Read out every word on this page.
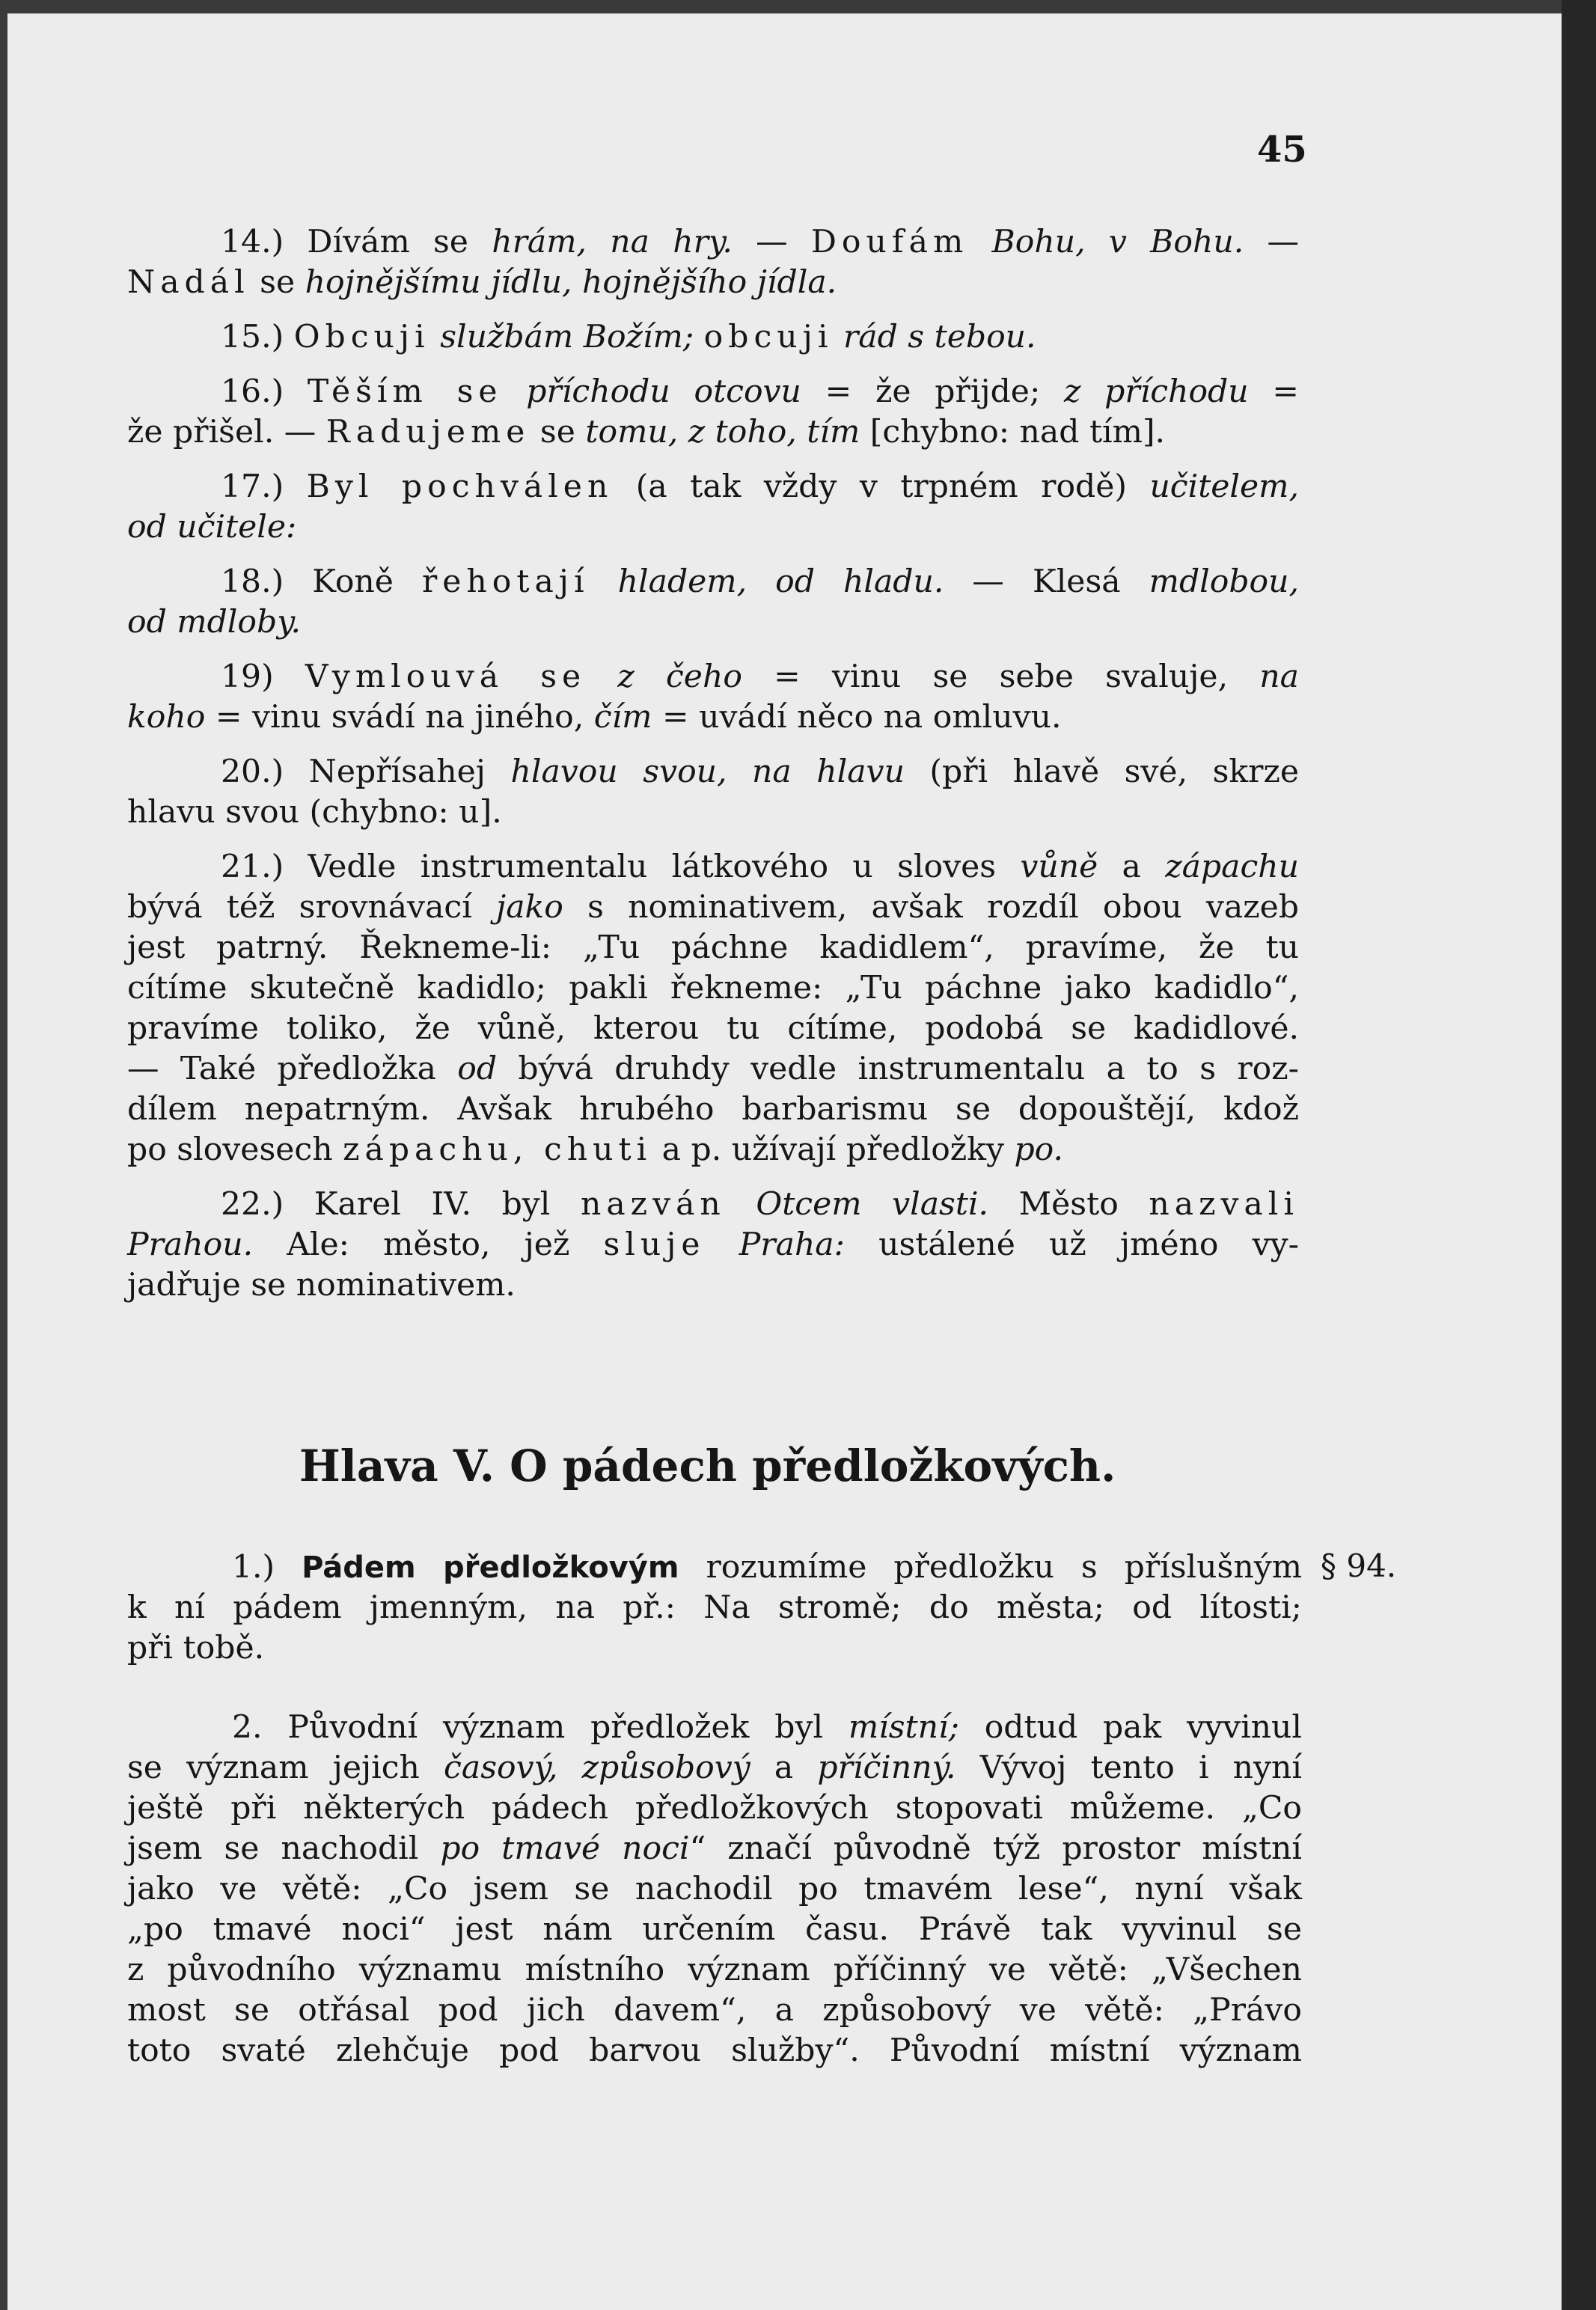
45
14.) Dívám se hrám, na hry. — Doufám Bohu, v Bohu. —
Nadál se hojnějšímu jídlu, hojnějšího jídla.
15.) Obcuji službám Božím; obcuji rád s tebou.
16.) Těším se příchodu otcovu = že přijde; z příchodu =
že přišel. — Radujeme se tomu, z toho, tím [chybno: nad tím].
17.) Byl pochválen (a tak vždy v trpném rodě) učitelem,
od učitele:
18.) Koně řehotají hladem, od hladu. — Klesá mdlobou,
od mdloby.
19) Vymlouvá se z čeho = vinu se sebe svaluje, na
koho = vinu svádí na jiného, čím = uvádí něco na omluvu.
20.) Nepřísahej hlavou svou, na hlavu (při hlavě své, skrze
hlavu svou (chybno: u].
21.) Vedle instrumentalu látkového u sloves vůně a zápachu
bývá též srovnávací jako s nominativem, avšak rozdíl obou vazeb
jest patrný. Řekneme-li: „Tu páchne kadidlem“, pravíme, že tu
cítíme skutečně kadidlo; pakli řekneme: „Tu páchne jako kadidlo“,
pravíme toliko, že vůně, kterou tu cítíme, podobá se kadidlové.
— Také předložka od bývá druhdy vedle instrumentalu a to s roz-
dílem nepatrným. Avšak hrubého barbarismu se dopouštějí, kdož
po slovesech zápachu, chuti a p. užívají předložky po.
22.) Karel IV. byl nazván Otcem vlasti. Město nazvali
Prahou. Ale: město, jež sluje Praha: ustálené už jméno vy-
jadřuje se nominativem.
Hlava V. O pádech předložkových.
§ 94.
1.) Pádem předložkovým rozumíme předložku s příslušným
k ní pádem jmenným, na př.: Na stromě; do města; od lítosti;
při tobě.
2. Původní význam předložek byl místní; odtud pak vyvinul
se význam jejich časový, způsobový a příčinný. Vývoj tento i nyní
ještě při některých pádech předložkových stopovati můžeme. „Co
jsem se nachodil po tmavé noci“ značí původně týž prostor místní
jako ve větě: „Co jsem se nachodil po tmavém lese“, nyní však
„po tmavé noci“ jest nám určením času. Právě tak vyvinul se
z původního významu místního význam příčinný ve větě: „Všechen
most se otřásal pod jich davem“, a způsobový ve větě: „Právo
toto svaté zlehčuje pod barvou služby“. Původní místní význam
